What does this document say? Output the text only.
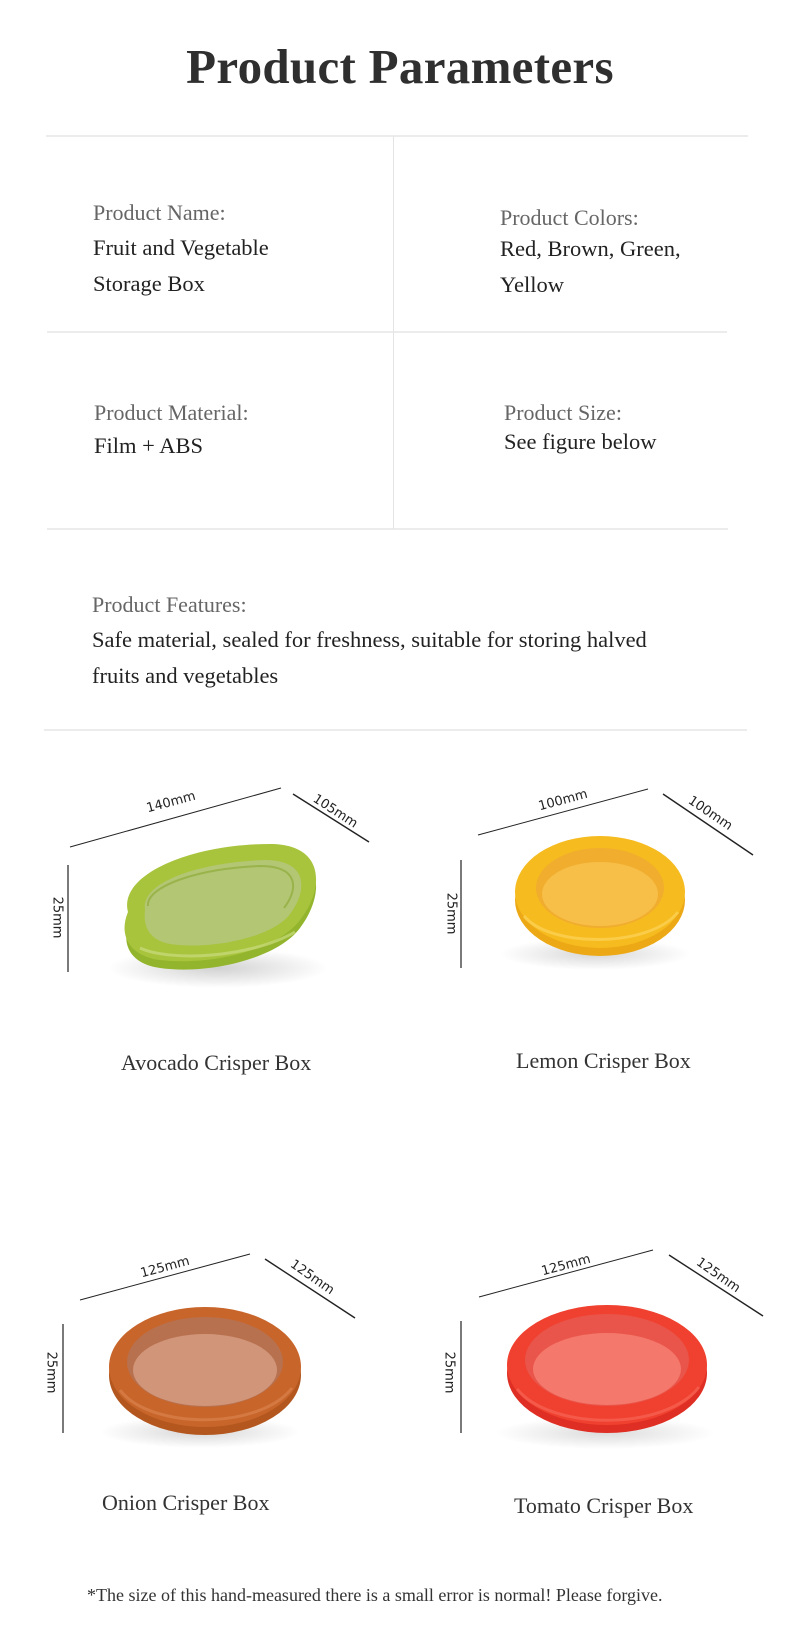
Product Parameters
Product Name:
Fruit and Vegetable
Storage Box
Product Colors:
Red, Brown, Green,
Yellow
Product Material:
Film + ABS
Product Size:
See figure below
Product Features:
Safe material, sealed for freshness, suitable for storing halved
fruits and vegetables
140mm	105mm
25mm
Avocado Crisper Box
100mm	100mm
25mm
Lemon Crisper Box
125mm	125mm
25mm
Onion Crisper Box
125mm	125mm
25mm
Tomato Crisper Box
*The size of this hand-measured there is a small error is normal! Please forgive.
